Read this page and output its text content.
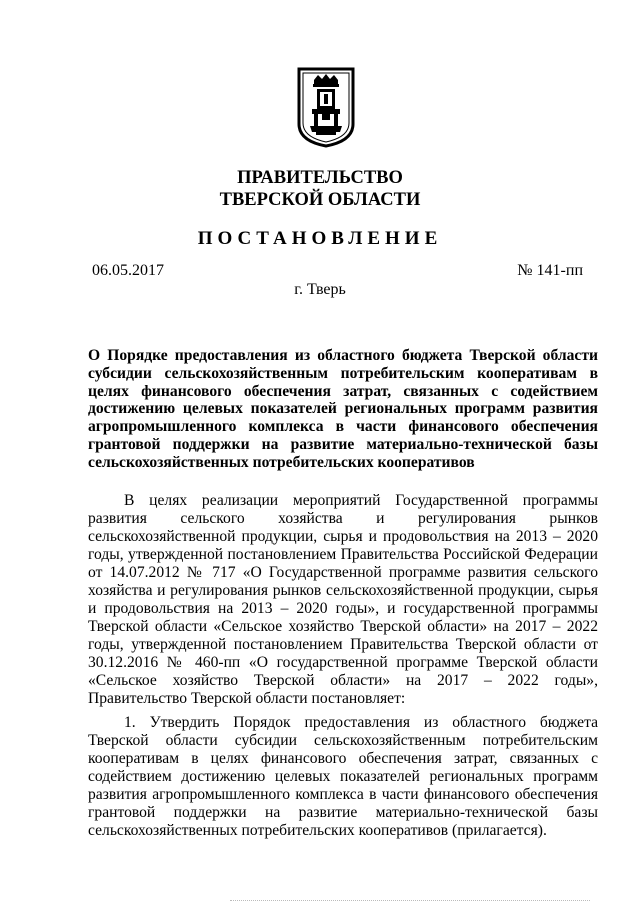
ПРАВИТЕЛЬСТВО
ТВЕРСКОЙ ОБЛАСТИ
ПОСТАНОВЛЕНИЕ
06.05.2017	№ 141-пп
г. Тверь
О Порядке предоставления из областного бюджета Тверской области субсидии сельскохозяйственным потребительским кооперативам в целях финансового обеспечения затрат, связанных с содействием достижению целевых показателей региональных программ развития агропромышленного комплекса в части финансового обеспечения грантовой поддержки на развитие материально-технической базы сельскохозяйственных потребительских кооперативов

В целях реализации мероприятий Государственной программы развития сельского хозяйства и регулирования рынков сельскохозяйственной продукции, сырья и продовольствия на 2013 – 2020 годы, утвержденной постановлением Правительства Российской Федерации от 14.07.2012 № 717 «О Государственной программе развития сельского хозяйства и регулирования рынков сельскохозяйственной продукции, сырья и продовольствия на 2013 – 2020 годы», и государственной программы Тверской области «Сельское хозяйство Тверской области» на 2017 – 2022 годы, утвержденной постановлением Правительства Тверской области от 30.12.2016 № 460-пп «О государственной программе Тверской области «Сельское хозяйство Тверской области» на 2017 – 2022 годы», Правительство Тверской области постановляет:

1. Утвердить Порядок предоставления из областного бюджета Тверской области субсидии сельскохозяйственным потребительским кооперативам в целях финансового обеспечения затрат, связанных с содействием достижению целевых показателей региональных программ развития агропромышленного комплекса в части финансового обеспечения грантовой поддержки на развитие материально-технической базы сельскохозяйственных потребительских кооперативов (прилагается).
